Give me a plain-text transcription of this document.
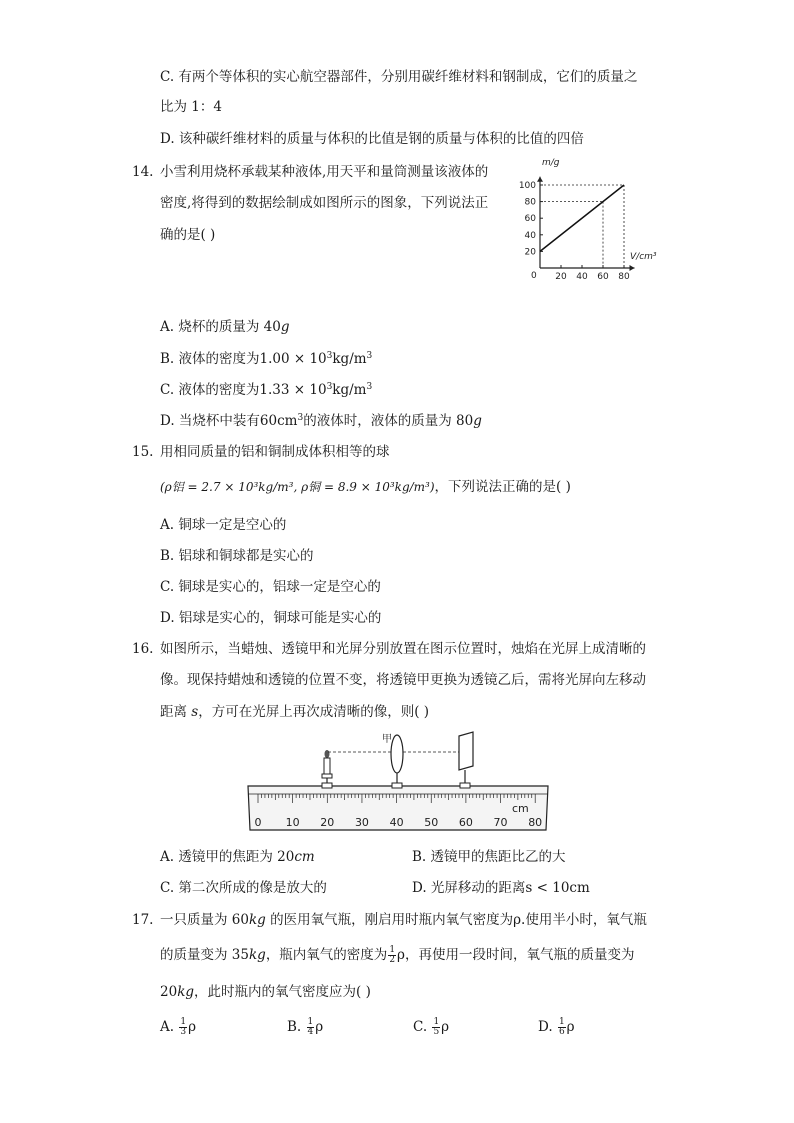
C. 有两个等体积的实心航空器部件，分别用碳纤维材料和钢制成，它们的质量之
比为 1：4
D. 该种碳纤维材料的质量与体积的比值是钢的质量与体积的比值的四倍
14. 小雪利用烧杯承载某种液体,用天平和量筒测量该液体的
密度,将得到的数据绘制成如图所示的图象，下列说法正
确的是( )
m/g
V/cm³
0 20 40 60 80
20
40
60
80
100
A. 烧杯的质量为 40g
B. 液体的密度为$1.00 \times 10^3kg/m^3$
C. 液体的密度为$1.33 \times 10^3kg/m^3$
D. 当烧杯中装有$60cm^3$的液体时，液体的质量为 80g
15. 用相同质量的铝和铜制成体积相等的球
(ρ铝 = 2.7 × 10³kg/m³, ρ铜 = 8.9 × 10³kg/m³)，下列说法正确的是( )
A. 铜球一定是空心的
B. 铝球和铜球都是实心的
C. 铜球是实心的，铝球一定是空心的
D. 铝球是实心的，铜球可能是实心的
16. 如图所示，当蜡烛、透镜甲和光屏分别放置在图示位置时，烛焰在光屏上成清晰的
像。现保持蜡烛和透镜的位置不变，将透镜甲更换为透镜乙后，需将光屏向左移动
距离 s，方可在光屏上再次成清晰的像，则( )
甲
cm
0 10 20 30 40 50 60 70 80
A. 透镜甲的焦距为 20cm	B. 透镜甲的焦距比乙的大
C. 第二次所成的像是放大的	D. 光屏移动的距离s < 10cm
17. 一只质量为 60kg 的医用氧气瓶，刚启用时瓶内氧气密度为ρ.使用半小时，氧气瓶
的质量变为 35kg，瓶内氧气的密度为 $\frac{1}{2}$ ρ，再使用一段时间，氧气瓶的质量变为
20kg，此时瓶内的氧气密度应为( )
A. $\frac{1}{3}$ ρ	B. $\frac{1}{4}$ ρ	C. $\frac{1}{5}$ ρ	D. $\frac{1}{6}$ ρ
